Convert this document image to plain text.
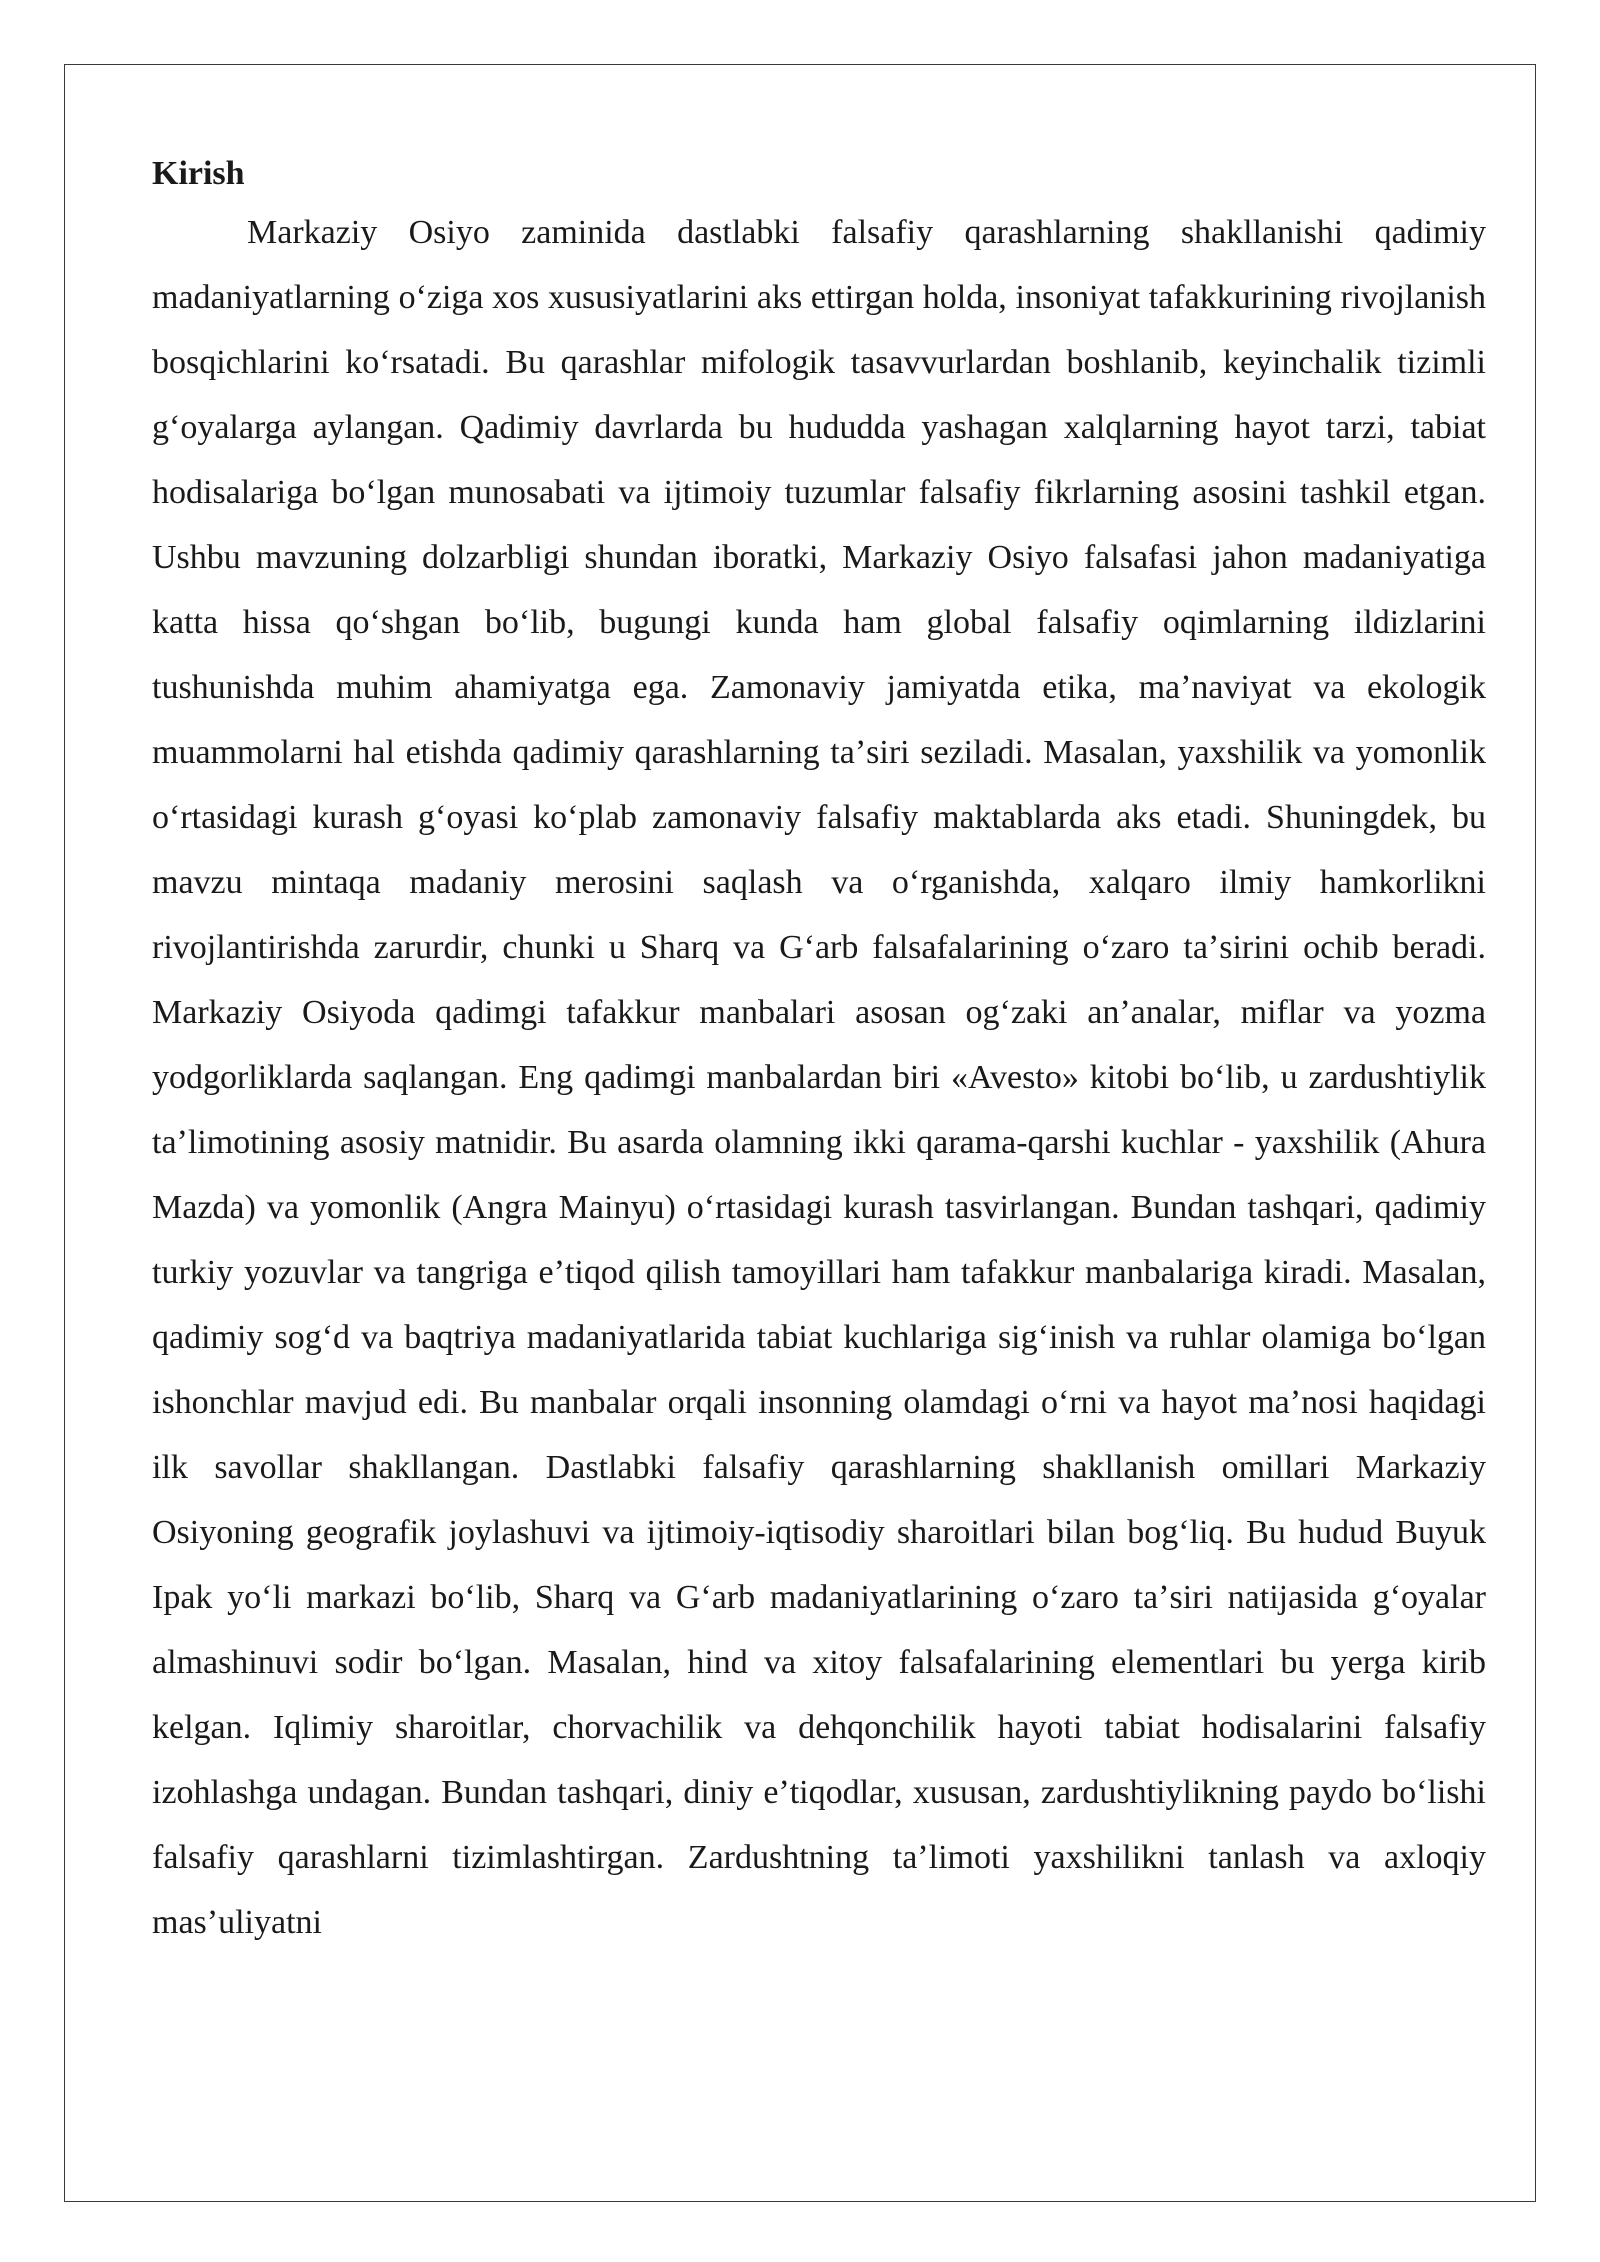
Kirish

Markaziy Osiyo zaminida dastlabki falsafiy qarashlarning shakllanishi qadimiy madaniyatlarning oʻziga xos xususiyatlarini aks ettirgan holda, insoniyat tafakkurining rivojlanish bosqichlarini koʻrsatadi. Bu qarashlar mifologik tasavvurlardan boshlanib, keyinchalik tizimli gʻoyalarga aylangan. Qadimiy davrlarda bu hududda yashagan xalqlarning hayot tarzi, tabiat hodisalariga boʻlgan munosabati va ijtimoiy tuzumlar falsafiy fikrlarning asosini tashkil etgan. Ushbu mavzuning dolzarbligi shundan iboratki, Markaziy Osiyo falsafasi jahon madaniyatiga katta hissa qoʻshgan boʻlib, bugungi kunda ham global falsafiy oqimlarning ildizlarini tushunishda muhim ahamiyatga ega. Zamonaviy jamiyatda etika, maʼnaviyat va ekologik muammolarni hal etishda qadimiy qarashlarning taʼsiri seziladi. Masalan, yaxshilik va yomonlik oʻrtasidagi kurash gʻoyasi koʻplab zamonaviy falsafiy maktablarda aks etadi. Shuningdek, bu mavzu mintaqa madaniy merosini saqlash va oʻrganishda, xalqaro ilmiy hamkorlikni rivojlantirishda zarurdir, chunki u Sharq va Gʻarb falsafalarining oʻzaro taʼsirini ochib beradi. Markaziy Osiyoda qadimgi tafakkur manbalari asosan ogʻzaki anʼanalar, miflar va yozma yodgorliklarda saqlangan. Eng qadimgi manbalardan biri «Avesto» kitobi boʻlib, u zardushtiylik taʼlimotining asosiy matnidir. Bu asarda olamning ikki qarama-qarshi kuchlar - yaxshilik (Ahura Mazda) va yomonlik (Angra Mainyu) oʻrtasidagi kurash tasvirlangan. Bundan tashqari, qadimiy turkiy yozuvlar va tangriga eʼtiqod qilish tamoyillari ham tafakkur manbalariga kiradi. Masalan, qadimiy sogʻd va baqtriya madaniyatlarida tabiat kuchlariga sigʻinish va ruhlar olamiga boʻlgan ishonchlar mavjud edi. Bu manbalar orqali insonning olamdagi oʻrni va hayot maʼnosi haqidagi ilk savollar shakllangan. Dastlabki falsafiy qarashlarning shakllanish omillari Markaziy Osiyoning geografik joylashuvi va ijtimoiy-iqtisodiy sharoitlari bilan bogʻliq. Bu hudud Buyuk Ipak yoʻli markazi boʻlib, Sharq va Gʻarb madaniyatlarining oʻzaro taʼsiri natijasida gʻoyalar almashinuvi sodir boʻlgan. Masalan, hind va xitoy falsafalarining elementlari bu yerga kirib kelgan. Iqlimiy sharoitlar, chorvachilik va dehqonchilik hayoti tabiat hodisalarini falsafiy izohlashga undagan. Bundan tashqari, diniy eʼtiqodlar, xususan, zardushtiylikning paydo boʻlishi falsafiy qarashlarni tizimlashtirgan. Zardushtning taʼlimoti yaxshilikni tanlash va axloqiy masʼuliyatni
